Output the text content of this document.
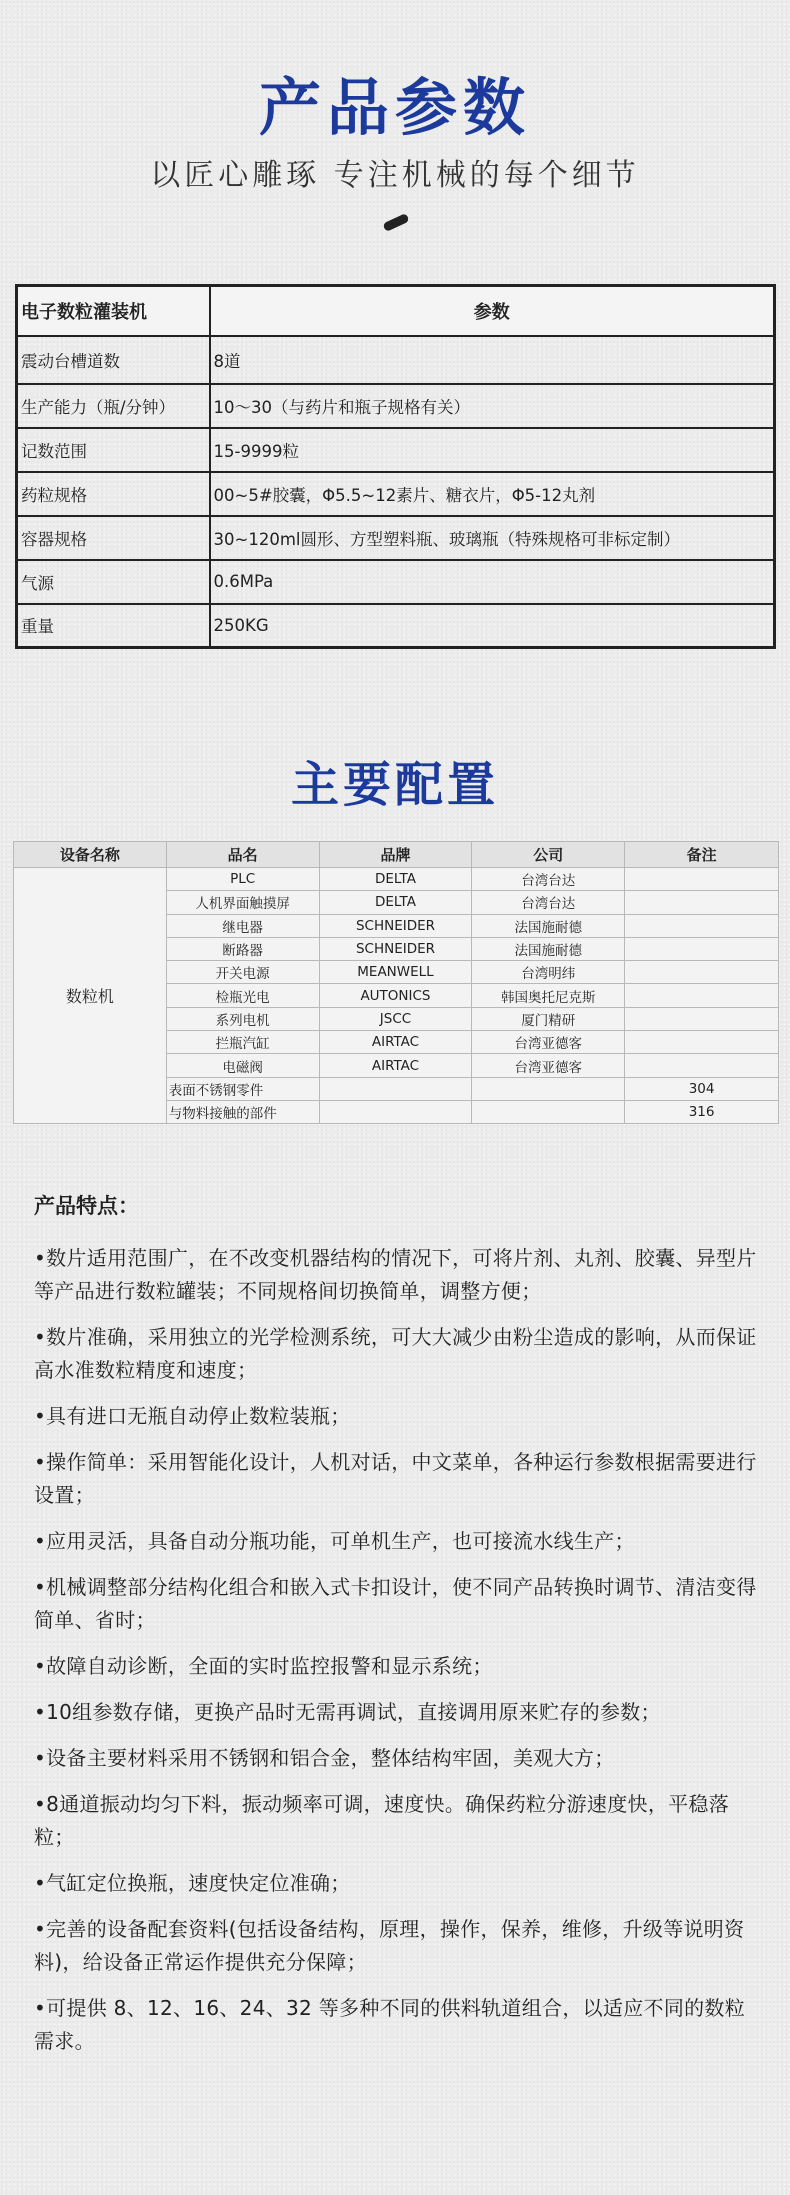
产品参数
以匠心雕琢 专注机械的每个细节
电子数粒灌装机	参数
震动台槽道数	8道
生产能力（瓶/分钟）	10～30（与药片和瓶子规格有关）
记数范围	15-9999粒
药粒规格	00~5#胶囊，Φ5.5~12素片、糖衣片，Φ5-12丸剂
容器规格	30~120ml圆形、方型塑料瓶、玻璃瓶（特殊规格可非标定制）
气源	0.6MPa
重量	250KG
主要配置
设备名称	品名	品牌	公司	备注
数粒机	PLC	DELTA	台湾台达	
	人机界面触摸屏	DELTA	台湾台达	
	继电器	SCHNEIDER	法国施耐德	
	断路器	SCHNEIDER	法国施耐德	
	开关电源	MEANWELL	台湾明纬	
	检瓶光电	AUTONICS	韩国奥托尼克斯	
	系列电机	JSCC	厦门精研	
	拦瓶汽缸	AIRTAC	台湾亚德客	
	电磁阀	AIRTAC	台湾亚德客	
	表面不锈钢零件			304
	与物料接触的部件			316
产品特点：
•数片适用范围广，在不改变机器结构的情况下，可将片剂、丸剂、胶囊、异型片等产品进行数粒罐装；不同规格间切换简单，调整方便；
•数片准确，采用独立的光学检测系统，可大大减少由粉尘造成的影响，从而保证高水准数粒精度和速度；
•具有进口无瓶自动停止数粒装瓶；
•操作简单：采用智能化设计，人机对话，中文菜单，各种运行参数根据需要进行设置；
•应用灵活，具备自动分瓶功能，可单机生产，也可接流水线生产；
•机械调整部分结构化组合和嵌入式卡扣设计，使不同产品转换时调节、清洁变得简单、省时；
•故障自动诊断，全面的实时监控报警和显示系统；
•10组参数存储，更换产品时无需再调试，直接调用原来贮存的参数；
•设备主要材料采用不锈钢和铝合金，整体结构牢固，美观大方；
•8通道振动均匀下料，振动频率可调，速度快。确保药粒分游速度快，平稳落粒；
•气缸定位换瓶，速度快定位准确；
•完善的设备配套资料(包括设备结构，原理，操作，保养，维修，升级等说明资料)，给设备正常运作提供充分保障；
•可提供 8、12、16、24、32 等多种不同的供料轨道组合，以适应不同的数粒需求。
